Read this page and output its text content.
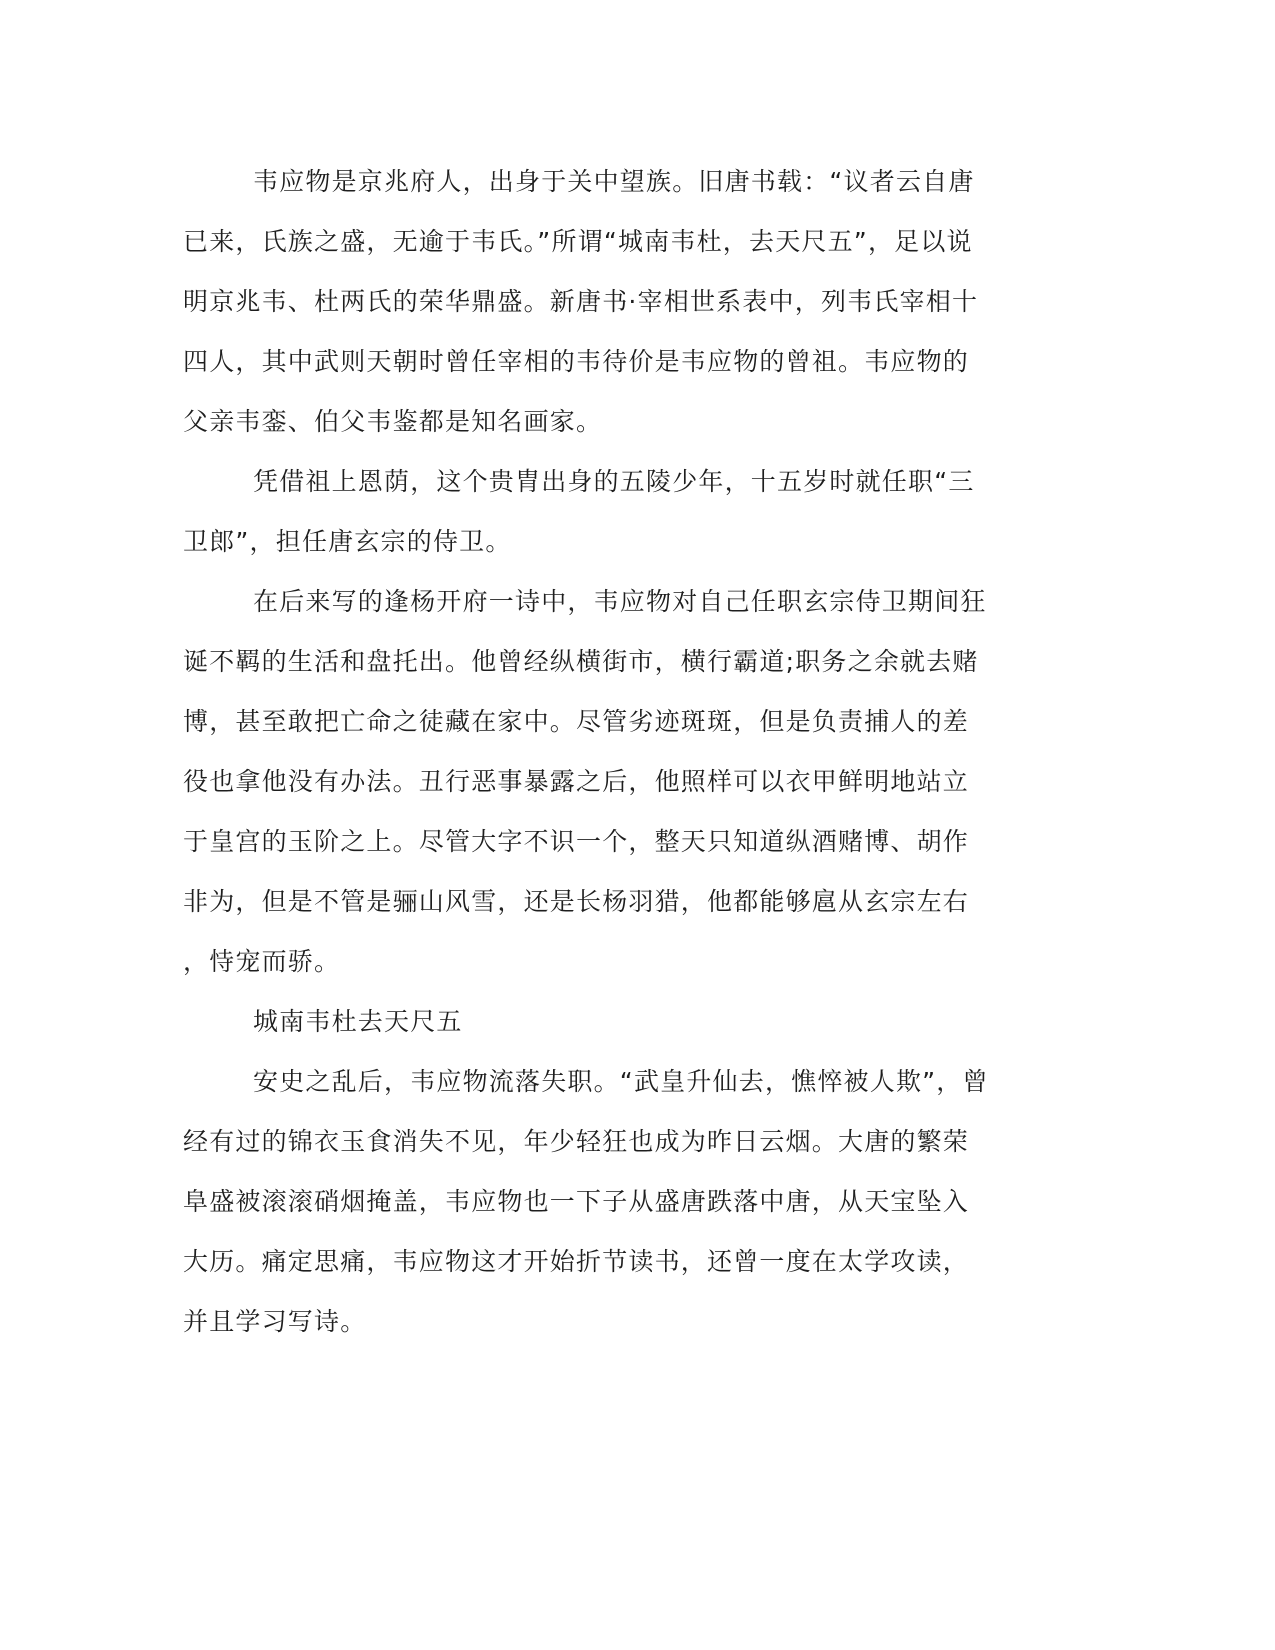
韦应物是京兆府人，出身于关中望族。旧唐书载：“议者云自唐
已来，氏族之盛，无逾于韦氏。”所谓“城南韦杜，去天尺五”，足以说
明京兆韦、杜两氏的荣华鼎盛。新唐书·宰相世系表中，列韦氏宰相十
四人，其中武则天朝时曾任宰相的韦待价是韦应物的曾祖。韦应物的
父亲韦銮、伯父韦鉴都是知名画家。
凭借祖上恩荫，这个贵胄出身的五陵少年，十五岁时就任职“三
卫郎”，担任唐玄宗的侍卫。
在后来写的逢杨开府一诗中，韦应物对自己任职玄宗侍卫期间狂
诞不羁的生活和盘托出。他曾经纵横街市，横行霸道;职务之余就去赌
博，甚至敢把亡命之徒藏在家中。尽管劣迹斑斑，但是负责捕人的差
役也拿他没有办法。丑行恶事暴露之后，他照样可以衣甲鲜明地站立
于皇宫的玉阶之上。尽管大字不识一个，整天只知道纵酒赌博、胡作
非为，但是不管是骊山风雪，还是长杨羽猎，他都能够扈从玄宗左右
，恃宠而骄。
城南韦杜去天尺五
安史之乱后，韦应物流落失职。“武皇升仙去，憔悴被人欺”，曾
经有过的锦衣玉食消失不见，年少轻狂也成为昨日云烟。大唐的繁荣
阜盛被滚滚硝烟掩盖，韦应物也一下子从盛唐跌落中唐，从天宝坠入
大历。痛定思痛，韦应物这才开始折节读书，还曾一度在太学攻读，
并且学习写诗。
